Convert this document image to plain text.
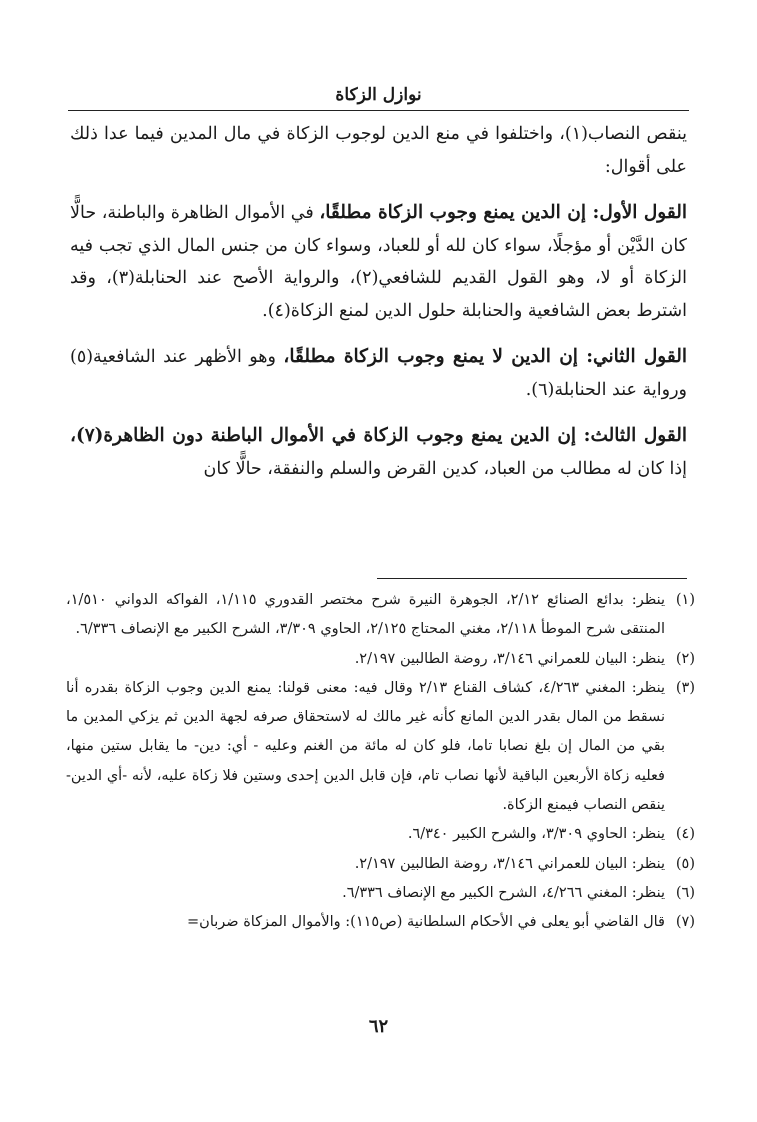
نوازل الزكاة

ينقص النصاب(١)، واختلفوا في منع الدين لوجوب الزكاة في مال المدين فيما عدا ذلك على أقوال:

القول الأول: إن الدين يمنع وجوب الزكاة مطلقًا، في الأموال الظاهرة والباطنة، حالًّا كان الدَّيْن أو مؤجلًا، سواء كان لله أو للعباد، وسواء كان من جنس المال الذي تجب فيه الزكاة أو لا، وهو القول القديم للشافعي(٢)، والرواية الأصح عند الحنابلة(٣)، وقد اشترط بعض الشافعية والحنابلة حلول الدين لمنع الزكاة(٤).

القول الثاني: إن الدين لا يمنع وجوب الزكاة مطلقًا، وهو الأظهر عند الشافعية(٥) ورواية عند الحنابلة(٦).

القول الثالث: إن الدين يمنع وجوب الزكاة في الأموال الباطنة دون الظاهرة(٧)، إذا كان له مطالب من العباد، كدين القرض والسلم والنفقة، حالًّا كان

(١)
ينظر: بدائع الصنائع ٢/١٢، الجوهرة النيرة شرح مختصر القدوري ١/١١٥، الفواكه الدواني ١/٥١٠، المنتقى شرح الموطأ ٢/١١٨، مغني المحتاج ٢/١٢٥، الحاوي ٣/٣٠٩، الشرح الكبير مع الإنصاف ٦/٣٣٦.
(٢)
ينظر: البيان للعمراني ٣/١٤٦، روضة الطالبين ٢/١٩٧.
(٣)
ينظر: المغني ٤/٢٦٣، كشاف القناع ٢/١٣ وقال فيه: معنى قولنا: يمنع الدين وجوب الزكاة بقدره أنا نسقط من المال بقدر الدين المانع كأنه غير مالك له لاستحقاق صرفه لجهة الدين ثم يزكي المدين ما بقي من المال إن بلغ نصابا تاما، فلو كان له مائة من الغنم وعليه - أي: دين- ما يقابل ستين منها، فعليه زكاة الأربعين الباقية لأنها نصاب تام، فإن قابل الدين إحدى وستين فلا زكاة عليه، لأنه -أي الدين- ينقص النصاب فيمنع الزكاة.
(٤)
ينظر: الحاوي ٣/٣٠٩، والشرح الكبير ٦/٣٤٠.
(٥)
ينظر: البيان للعمراني ٣/١٤٦، روضة الطالبين ٢/١٩٧.
(٦)
ينظر: المغني ٤/٢٦٦، الشرح الكبير مع الإنصاف ٦/٣٣٦.
(٧)
قال القاضي أبو يعلى في الأحكام السلطانية (ص١١٥): والأموال المزكاة ضربان=
٦٢
